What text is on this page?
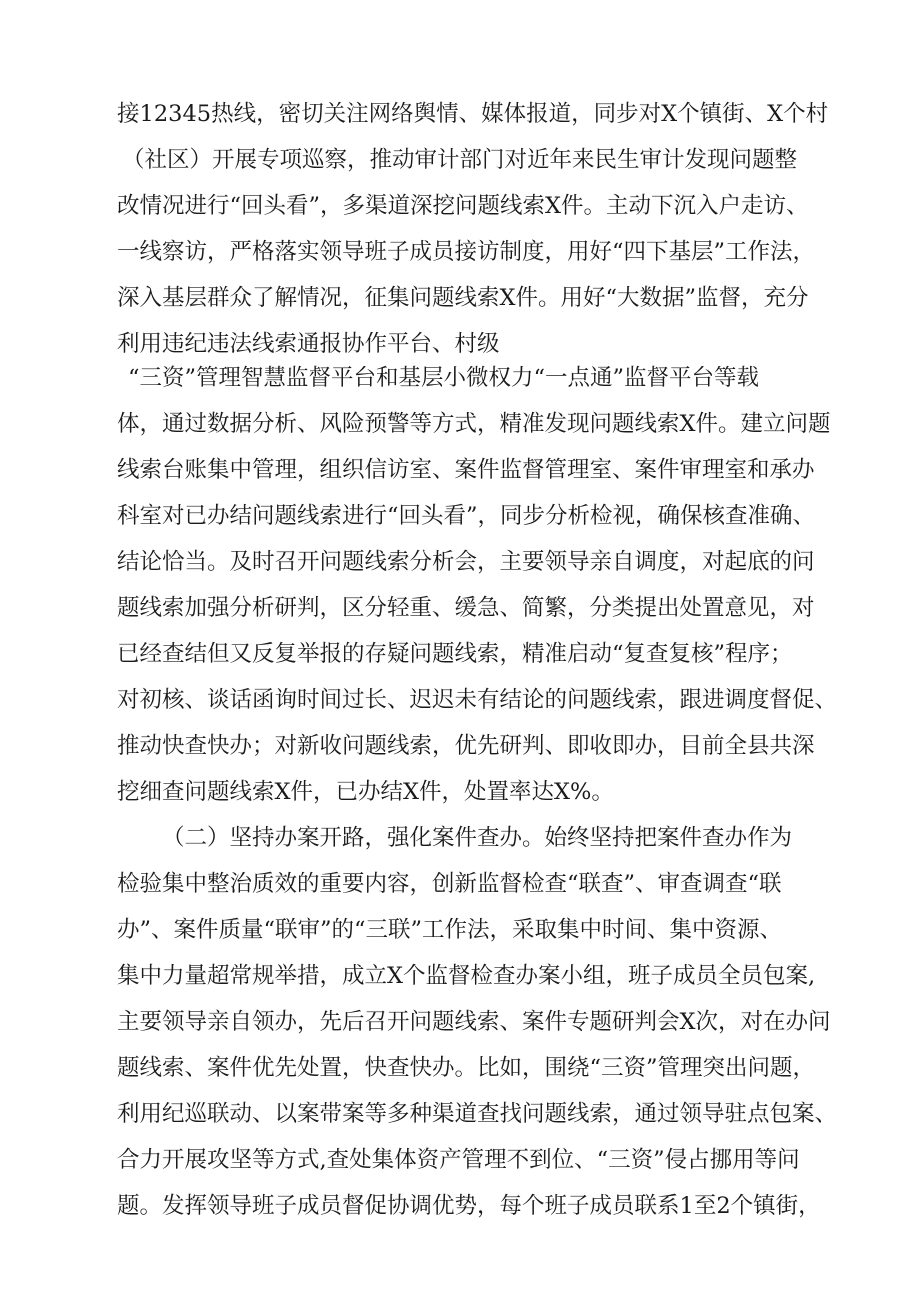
接12345热线，密切关注网络舆情、媒体报道，同步对X个镇街、X个村
（社区）开展专项巡察，推动审计部门对近年来民生审计发现问题整
改情况进行“回头看”，多渠道深挖问题线索X件。主动下沉入户走访、
一线察访，严格落实领导班子成员接访制度，用好“四下基层”工作法，
深入基层群众了解情况，征集问题线索X件。用好“大数据”监督，充分
利用违纪违法线索通报协作平台、村级
“三资”管理智慧监督平台和基层小微权力“一点通”监督平台等载
体，通过数据分析、风险预警等方式，精准发现问题线索X件。建立问题
线索台账集中管理，组织信访室、案件监督管理室、案件审理室和承办
科室对已办结问题线索进行“回头看”，同步分析检视，确保核查准确、
结论恰当。及时召开问题线索分析会，主要领导亲自调度，对起底的问
题线索加强分析研判，区分轻重、缓急、简繁，分类提出处置意见，对
已经查结但又反复举报的存疑问题线索，精准启动“复查复核”程序；
对初核、谈话函询时间过长、迟迟未有结论的问题线索，跟进调度督促、
推动快查快办；对新收问题线索，优先研判、即收即办，目前全县共深
挖细查问题线索X件，已办结X件，处置率达X%。
（二）坚持办案开路，强化案件查办。始终坚持把案件查办作为
检验集中整治质效的重要内容，创新监督检查“联查”、审查调查“联
办”、案件质量“联审”的“三联”工作法，采取集中时间、集中资源、
集中力量超常规举措，成立X个监督检查办案小组，班子成员全员包案,
主要领导亲自领办，先后召开问题线索、案件专题研判会X次，对在办问
题线索、案件优先处置，快查快办。比如，围绕“三资”管理突出问题，
利用纪巡联动、以案带案等多种渠道查找问题线索，通过领导驻点包案、
合力开展攻坚等方式,查处集体资产管理不到位、“三资”侵占挪用等问
题。发挥领导班子成员督促协调优势，每个班子成员联系1至2个镇街，
